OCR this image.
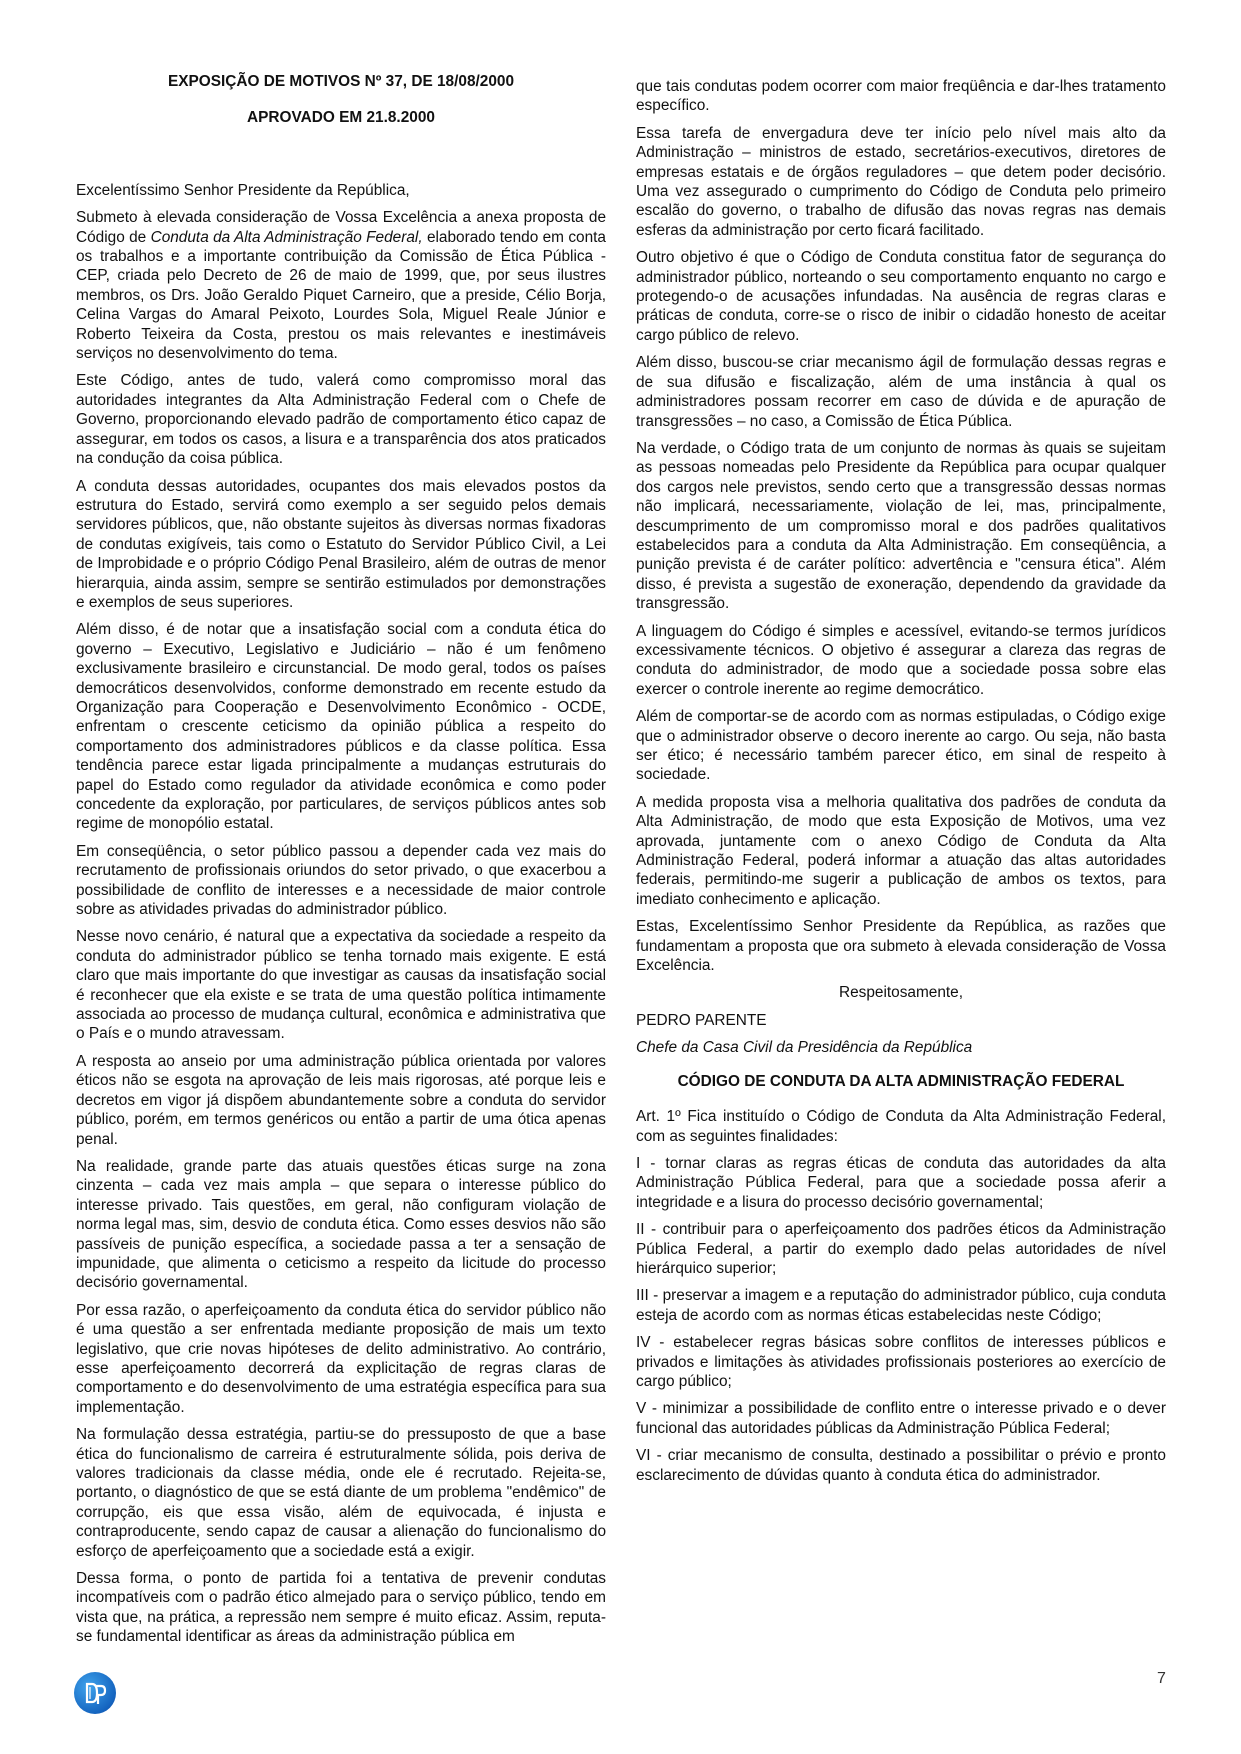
EXPOSIÇÃO DE MOTIVOS Nº 37, DE 18/08/2000
APROVADO EM 21.8.2000

Excelentíssimo Senhor Presidente da República,

Submeto à elevada consideração de Vossa Excelência a anexa proposta de Código de Conduta da Alta Administração Federal, elaborado tendo em conta os trabalhos e a importante contribuição da Comissão de Ética Pública - CEP, criada pelo Decreto de 26 de maio de 1999, que, por seus ilustres membros, os Drs. João Geraldo Piquet Carneiro, que a preside, Célio Borja, Celina Vargas do Amaral Peixoto, Lourdes Sola, Miguel Reale Júnior e Roberto Teixeira da Costa, prestou os mais relevantes e inestimáveis serviços no desenvolvimento do tema.

Este Código, antes de tudo, valerá como compromisso moral das autoridades integrantes da Alta Administração Federal com o Chefe de Governo, proporcionando elevado padrão de comportamento ético capaz de assegurar, em todos os casos, a lisura e a transparência dos atos praticados na condução da coisa pública.

A conduta dessas autoridades, ocupantes dos mais elevados postos da estrutura do Estado, servirá como exemplo a ser seguido pelos demais servidores públicos, que, não obstante sujeitos às diversas normas fixadoras de condutas exigíveis, tais como o Estatuto do Servidor Público Civil, a Lei de Improbidade e o próprio Código Penal Brasileiro, além de outras de menor hierarquia, ainda assim, sempre se sentirão estimulados por demonstrações e exemplos de seus superiores.

Além disso, é de notar que a insatisfação social com a conduta ética do governo – Executivo, Legislativo e Judiciário – não é um fenômeno exclusivamente brasileiro e circunstancial. De modo geral, todos os países democráticos desenvolvidos, conforme demonstrado em recente estudo da Organização para Cooperação e Desenvolvimento Econômico - OCDE, enfrentam o crescente ceticismo da opinião pública a respeito do comportamento dos administradores públicos e da classe política. Essa tendência parece estar ligada principalmente a mudanças estruturais do papel do Estado como regulador da atividade econômica e como poder concedente da exploração, por particulares, de serviços públicos antes sob regime de monopólio estatal.

Em conseqüência, o setor público passou a depender cada vez mais do recrutamento de profissionais oriundos do setor privado, o que exacerbou a possibilidade de conflito de interesses e a necessidade de maior controle sobre as atividades privadas do administrador público.

Nesse novo cenário, é natural que a expectativa da sociedade a respeito da conduta do administrador público se tenha tornado mais exigente. E está claro que mais importante do que investigar as causas da insatisfação social é reconhecer que ela existe e se trata de uma questão política intimamente associada ao processo de mudança cultural, econômica e administrativa que o País e o mundo atravessam.

A resposta ao anseio por uma administração pública orientada por valores éticos não se esgota na aprovação de leis mais rigorosas, até porque leis e decretos em vigor já dispõem abundantemente sobre a conduta do servidor público, porém, em termos genéricos ou então a partir de uma ótica apenas penal.

Na realidade, grande parte das atuais questões éticas surge na zona cinzenta – cada vez mais ampla – que separa o interesse público do interesse privado. Tais questões, em geral, não configuram violação de norma legal mas, sim, desvio de conduta ética. Como esses desvios não são passíveis de punição específica, a sociedade passa a ter a sensação de impunidade, que alimenta o ceticismo a respeito da licitude do processo decisório governamental.

Por essa razão, o aperfeiçoamento da conduta ética do servidor público não é uma questão a ser enfrentada mediante proposição de mais um texto legislativo, que crie novas hipóteses de delito administrativo. Ao contrário, esse aperfeiçoamento decorrerá da explicitação de regras claras de comportamento e do desenvolvimento de uma estratégia específica para sua implementação.

Na formulação dessa estratégia, partiu-se do pressuposto de que a base ética do funcionalismo de carreira é estruturalmente sólida, pois deriva de valores tradicionais da classe média, onde ele é recrutado. Rejeita-se, portanto, o diagnóstico de que se está diante de um problema "endêmico" de corrupção, eis que essa visão, além de equivocada, é injusta e contraproducente, sendo capaz de causar a alienação do funcionalismo do esforço de aperfeiçoamento que a sociedade está a exigir.

Dessa forma, o ponto de partida foi a tentativa de prevenir condutas incompatíveis com o padrão ético almejado para o serviço público, tendo em vista que, na prática, a repressão nem sempre é muito eficaz. Assim, reputa-se fundamental identificar as áreas da administração pública em

que tais condutas podem ocorrer com maior freqüência e dar-lhes tratamento específico.

Essa tarefa de envergadura deve ter início pelo nível mais alto da Administração – ministros de estado, secretários-executivos, diretores de empresas estatais e de órgãos reguladores – que detem poder decisório. Uma vez assegurado o cumprimento do Código de Conduta pelo primeiro escalão do governo, o trabalho de difusão das novas regras nas demais esferas da administração por certo ficará facilitado.

Outro objetivo é que o Código de Conduta constitua fator de segurança do administrador público, norteando o seu comportamento enquanto no cargo e protegendo-o de acusações infundadas. Na ausência de regras claras e práticas de conduta, corre-se o risco de inibir o cidadão honesto de aceitar cargo público de relevo.

Além disso, buscou-se criar mecanismo ágil de formulação dessas regras e de sua difusão e fiscalização, além de uma instância à qual os administradores possam recorrer em caso de dúvida e de apuração de transgressões – no caso, a Comissão de Ética Pública.

Na verdade, o Código trata de um conjunto de normas às quais se sujeitam as pessoas nomeadas pelo Presidente da República para ocupar qualquer dos cargos nele previstos, sendo certo que a transgressão dessas normas não implicará, necessariamente, violação de lei, mas, principalmente, descumprimento de um compromisso moral e dos padrões qualitativos estabelecidos para a conduta da Alta Administração. Em conseqüência, a punição prevista é de caráter político: advertência e "censura ética". Além disso, é prevista a sugestão de exoneração, dependendo da gravidade da transgressão.

A linguagem do Código é simples e acessível, evitando-se termos jurídicos excessivamente técnicos. O objetivo é assegurar a clareza das regras de conduta do administrador, de modo que a sociedade possa sobre elas exercer o controle inerente ao regime democrático.

Além de comportar-se de acordo com as normas estipuladas, o Código exige que o administrador observe o decoro inerente ao cargo. Ou seja, não basta ser ético; é necessário também parecer ético, em sinal de respeito à sociedade.

A medida proposta visa a melhoria qualitativa dos padrões de conduta da Alta Administração, de modo que esta Exposição de Motivos, uma vez aprovada, juntamente com o anexo Código de Conduta da Alta Administração Federal, poderá informar a atuação das altas autoridades federais, permitindo-me sugerir a publicação de ambos os textos, para imediato conhecimento e aplicação.

Estas, Excelentíssimo Senhor Presidente da República, as razões que fundamentam a proposta que ora submeto à elevada consideração de Vossa Excelência.

Respeitosamente,

PEDRO PARENTE

Chefe da Casa Civil da Presidência da República

CÓDIGO DE CONDUTA DA ALTA ADMINISTRAÇÃO FEDERAL

Art. 1º Fica instituído o Código de Conduta da Alta Administração Federal, com as seguintes finalidades:

I - tornar claras as regras éticas de conduta das autoridades da alta Administração Pública Federal, para que a sociedade possa aferir a integridade e a lisura do processo decisório governamental;

II - contribuir para o aperfeiçoamento dos padrões éticos da Administração Pública Federal, a partir do exemplo dado pelas autoridades de nível hierárquico superior;

III - preservar a imagem e a reputação do administrador público, cuja conduta esteja de acordo com as normas éticas estabelecidas neste Código;

IV - estabelecer regras básicas sobre conflitos de interesses públicos e privados e limitações às atividades profissionais posteriores ao exercício de cargo público;

V - minimizar a possibilidade de conflito entre o interesse privado e o dever funcional das autoridades públicas da Administração Pública Federal;

VI - criar mecanismo de consulta, destinado a possibilitar o prévio e pronto esclarecimento de dúvidas quanto à conduta ética do administrador.

7
